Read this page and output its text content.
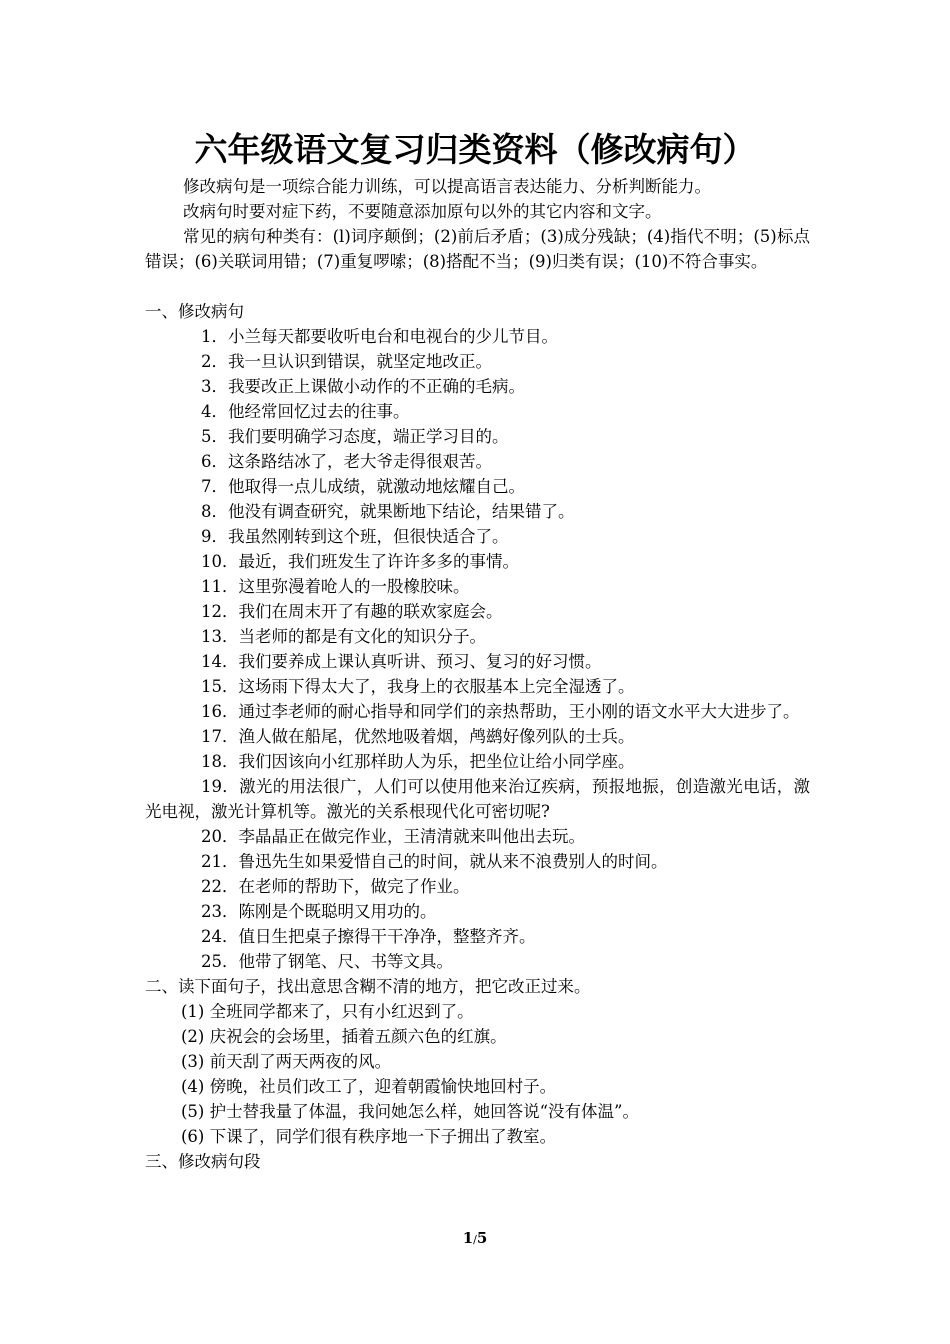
六年级语文复习归类资料（修改病句）

修改病句是一项综合能力训练，可以提高语言表达能力、分析判断能力。

改病句时要对症下药，不要随意添加原句以外的其它内容和文字。

常见的病句种类有：(l)词序颠倒；(2)前后矛盾；(3)成分残缺；(4)指代不明；(5)标点错误；(6)关联词用错；(7)重复啰嗦；(8)搭配不当；(9)归类有误；(10)不符合事实。

一、修改病句

1．小兰每天都要收听电台和电视台的少儿节目。

2．我一旦认识到错误，就坚定地改正。

3．我要改正上课做小动作的不正确的毛病。

4．他经常回忆过去的往事。

5．我们要明确学习态度，端正学习目的。

6．这条路结冰了，老大爷走得很艰苦。

7．他取得一点儿成绩，就激动地炫耀自己。

8．他没有调查研究，就果断地下结论，结果错了。

9．我虽然刚转到这个班，但很快适合了。

10．最近，我们班发生了许许多多的事情。

11．这里弥漫着呛人的一股橡胶味。

12．我们在周末开了有趣的联欢家庭会。

13．当老师的都是有文化的知识分子。

14．我们要养成上课认真听讲、预习、复习的好习惯。

15．这场雨下得太大了，我身上的衣服基本上完全湿透了。

16．通过李老师的耐心指导和同学们的亲热帮助，王小刚的语文水平大大进步了。

17．渔人做在船尾，优然地吸着烟，鸬鹚好像列队的士兵。

18．我们因该向小红那样助人为乐，把坐位让给小同学座。

19．激光的用法很广，人们可以使用他来治辽疾病，预报地振，创造激光电话，激光电视，激光计算机等。激光的关系根现代化可密切呢?

20．李晶晶正在做完作业，王清清就来叫他出去玩。

21．鲁迅先生如果爱惜自己的时间，就从来不浪费别人的时间。

22．在老师的帮助下，做完了作业。

23．陈刚是个既聪明又用功的。

24．值日生把桌子擦得干干净净，整整齐齐。

25．他带了钢笔、尺、书等文具。

二、读下面句子，找出意思含糊不清的地方，把它改正过来。

(1) 全班同学都来了，只有小红迟到了。

(2) 庆祝会的会场里，插着五颜六色的红旗。

(3) 前天刮了两天两夜的风。

(4) 傍晚，社员们改工了，迎着朝霞愉快地回村子。

(5) 护士替我量了体温，我问她怎么样，她回答说“没有体温”。

(6) 下课了，同学们很有秩序地一下子拥出了教室。

三、修改病句段

1/5
